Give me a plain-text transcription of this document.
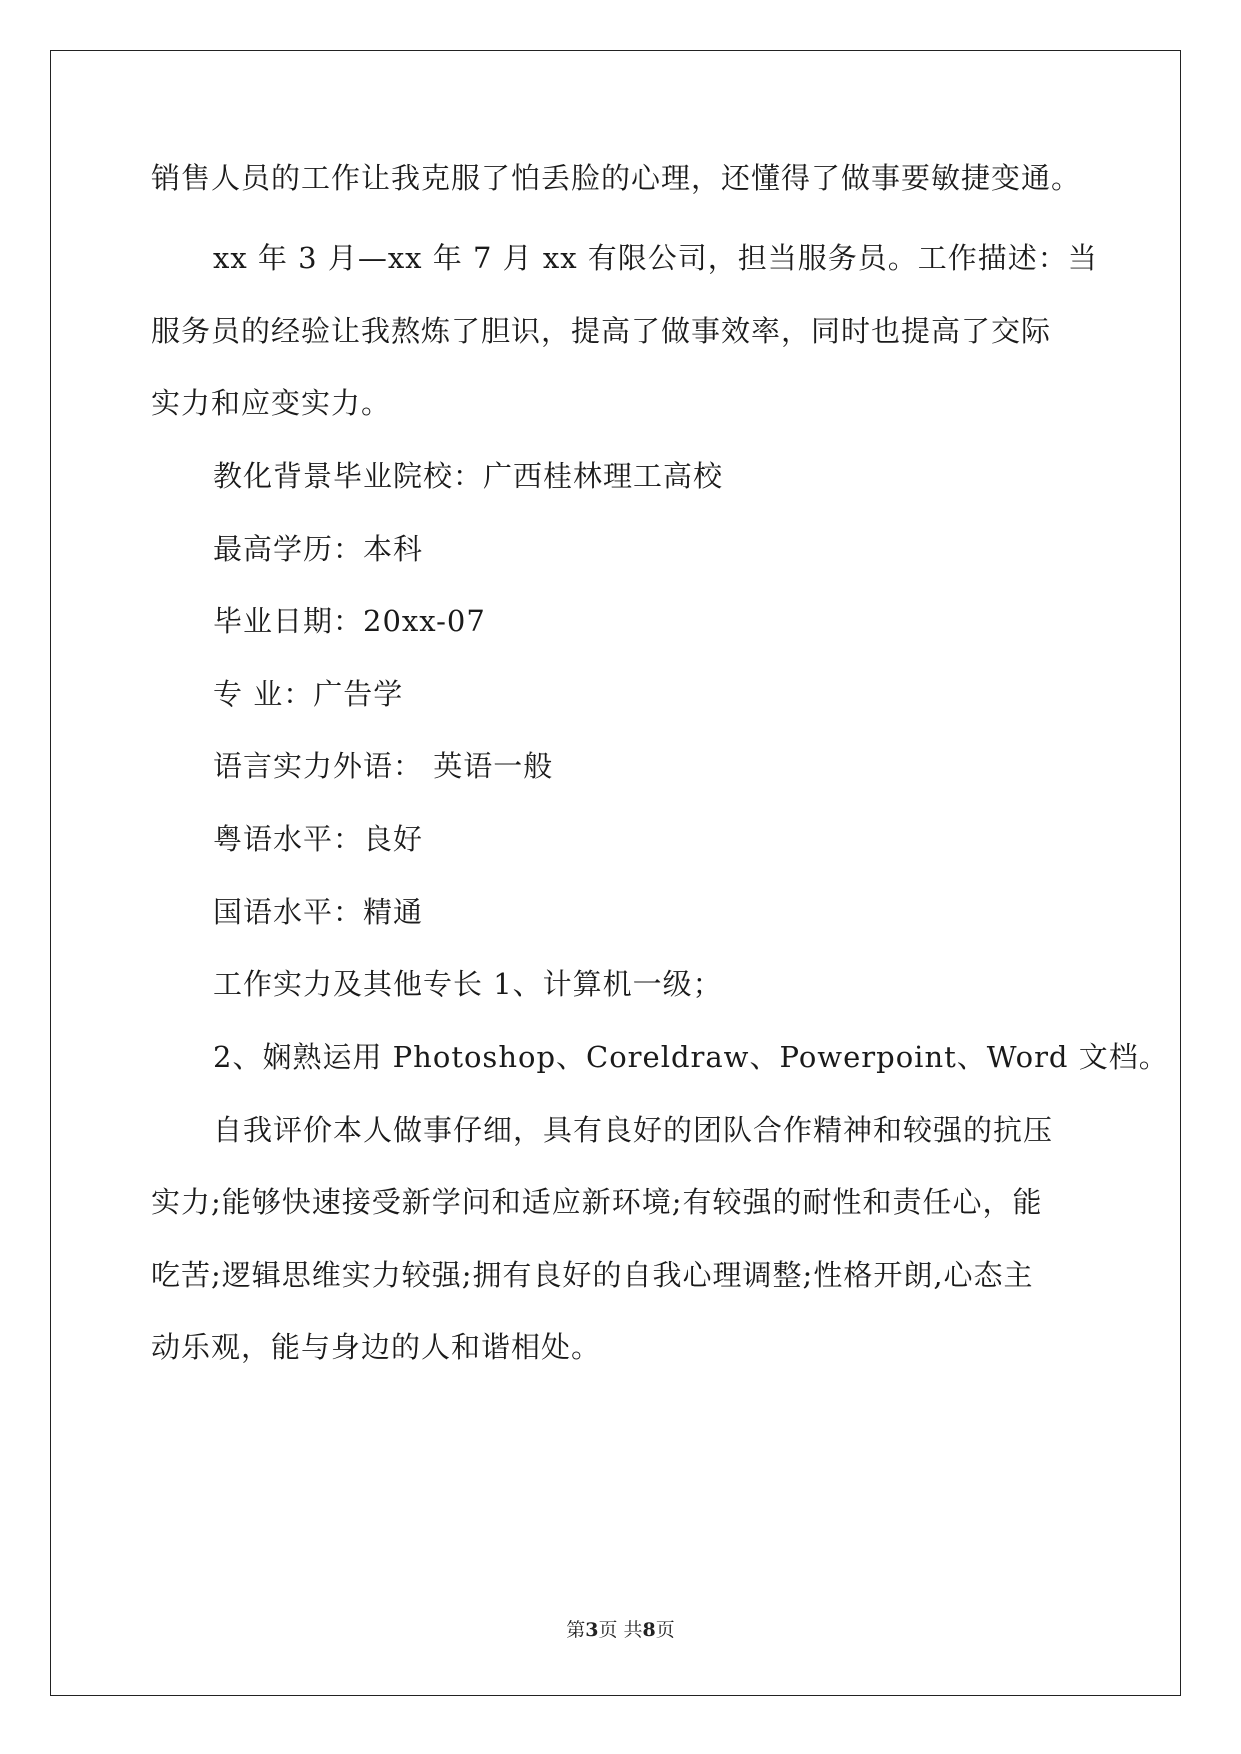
销售人员的工作让我克服了怕丢脸的心理，还懂得了做事要敏捷变通。
xx 年 3 月—xx 年 7 月 xx 有限公司，担当服务员。工作描述：当
服务员的经验让我熬炼了胆识，提高了做事效率，同时也提高了交际
实力和应变实力。
教化背景毕业院校：广西桂林理工高校
最高学历：本科
毕业日期：20xx-07
专 业：广告学
语言实力外语： 英语一般
粤语水平：良好
国语水平：精通
工作实力及其他专长 1、计算机一级；
2、娴熟运用 Photoshop、Coreldraw、Powerpoint、Word 文档。
自我评价本人做事仔细，具有良好的团队合作精神和较强的抗压
实力;能够快速接受新学问和适应新环境;有较强的耐性和责任心，能
吃苦;逻辑思维实力较强;拥有良好的自我心理调整;性格开朗,心态主
动乐观，能与身边的人和谐相处。
第3页 共8页
